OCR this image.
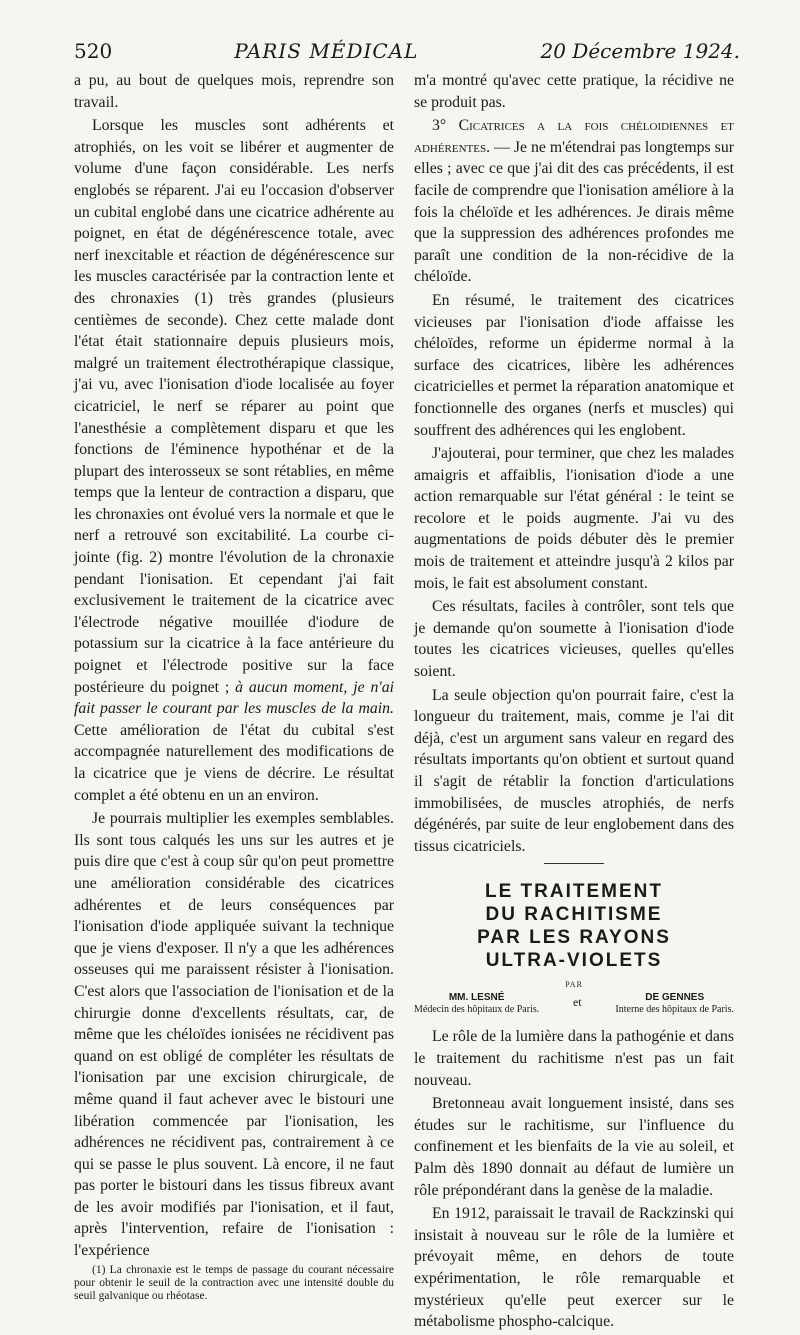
520	PARIS MÉDICAL	20 Décembre 1924.

a pu, au bout de quelques mois, reprendre son travail.

Lorsque les muscles sont adhérents et atrophiés, on les voit se libérer et augmenter de volume d'une façon considérable. Les nerfs englobés se réparent. J'ai eu l'occasion d'observer un cubital englobé dans une cicatrice adhérente au poignet, en état de dégénérescence totale, avec nerf inexcitable et réaction de dégénérescence sur les muscles caractérisée par la contraction lente et des chronaxies (1) très grandes (plusieurs centièmes de seconde). Chez cette malade dont l'état était stationnaire depuis plusieurs mois, malgré un traitement électrothérapique classique, j'ai vu, avec l'ionisation d'iode localisée au foyer cicatriciel, le nerf se réparer au point que l'anesthésie a complètement disparu et que les fonctions de l'éminence hypothénar et de la plupart des interosseux se sont rétablies, en même temps que la lenteur de contraction a disparu, que les chronaxies ont évolué vers la normale et que le nerf a retrouvé son excitabilité. La courbe ci-jointe (fig. 2) montre l'évolution de la chronaxie pendant l'ionisation. Et cependant j'ai fait exclusivement le traitement de la cicatrice avec l'électrode négative mouillée d'iodure de potassium sur la cicatrice à la face antérieure du poignet et l'électrode positive sur la face postérieure du poignet ; à aucun moment, je n'ai fait passer le courant par les muscles de la main. Cette amélioration de l'état du cubital s'est accompagnée naturellement des modifications de la cicatrice que je viens de décrire. Le résultat complet a été obtenu en un an environ.

Je pourrais multiplier les exemples semblables. Ils sont tous calqués les uns sur les autres et je puis dire que c'est à coup sûr qu'on peut promettre une amélioration considérable des cicatrices adhérentes et de leurs conséquences par l'ionisation d'iode appliquée suivant la technique que je viens d'exposer. Il n'y a que les adhérences osseuses qui me paraissent résister à l'ionisation. C'est alors que l'association de l'ionisation et de la chirurgie donne d'excellents résultats, car, de même que les chéloïdes ionisées ne récidivent pas quand on est obligé de compléter les résultats de l'ionisation par une excision chirurgicale, de même quand il faut achever avec le bistouri une libération commencée par l'ionisation, les adhérences ne récidivent pas, contrairement à ce qui se passe le plus souvent. Là encore, il ne faut pas porter le bistouri dans les tissus fibreux avant de les avoir modifiés par l'ionisation, et il faut, après l'intervention, refaire de l'ionisation : l'expérience

(1) La chronaxie est le temps de passage du courant nécessaire pour obtenir le seuil de la contraction avec une intensité double du seuil galvanique ou rhéotase.

m'a montré qu'avec cette pratique, la récidive ne se produit pas.

3° Cicatrices a la fois chéloidiennes et adhérentes. — Je ne m'étendrai pas longtemps sur elles ; avec ce que j'ai dit des cas précédents, il est facile de comprendre que l'ionisation améliore à la fois la chéloïde et les adhérences. Je dirais même que la suppression des adhérences profondes me paraît une condition de la non-récidive de la chéloïde.

En résumé, le traitement des cicatrices vicieuses par l'ionisation d'iode affaisse les chéloïdes, reforme un épiderme normal à la surface des cicatrices, libère les adhérences cicatricielles et permet la réparation anatomique et fonctionnelle des organes (nerfs et muscles) qui souffrent des adhérences qui les englobent.

J'ajouterai, pour terminer, que chez les malades amaigris et affaiblis, l'ionisation d'iode a une action remarquable sur l'état général : le teint se recolore et le poids augmente. J'ai vu des augmentations de poids débuter dès le premier mois de traitement et atteindre jusqu'à 2 kilos par mois, le fait est absolument constant.

Ces résultats, faciles à contrôler, sont tels que je demande qu'on soumette à l'ionisation d'iode toutes les cicatrices vicieuses, quelles qu'elles soient.

La seule objection qu'on pourrait faire, c'est la longueur du traitement, mais, comme je l'ai dit déjà, c'est un argument sans valeur en regard des résultats importants qu'on obtient et surtout quand il s'agit de rétablir la fonction d'articulations immobilisées, de muscles atrophiés, de nerfs dégénérés, par suite de leur englobement dans des tissus cicatriciels.

LE TRAITEMENT
DU RACHITISME
PAR LES RAYONS
ULTRA-VIOLETS
PAR
MM. LESNÉ
Médecin des hôpitaux de Paris.
et	DE GENNES
Interne des hôpitaux de Paris.

Le rôle de la lumière dans la pathogénie et dans le traitement du rachitisme n'est pas un fait nouveau.

Bretonneau avait longuement insisté, dans ses études sur le rachitisme, sur l'influence du confinement et les bienfaits de la vie au soleil, et Palm dès 1890 donnait au défaut de lumière un rôle prépondérant dans la genèse de la maladie.

En 1912, paraissait le travail de Rackzinski qui insistait à nouveau sur le rôle de la lumière et prévoyait même, en dehors de toute expérimentation, le rôle remarquable et mystérieux qu'elle peut exercer sur le métabolisme phospho-calcique.
